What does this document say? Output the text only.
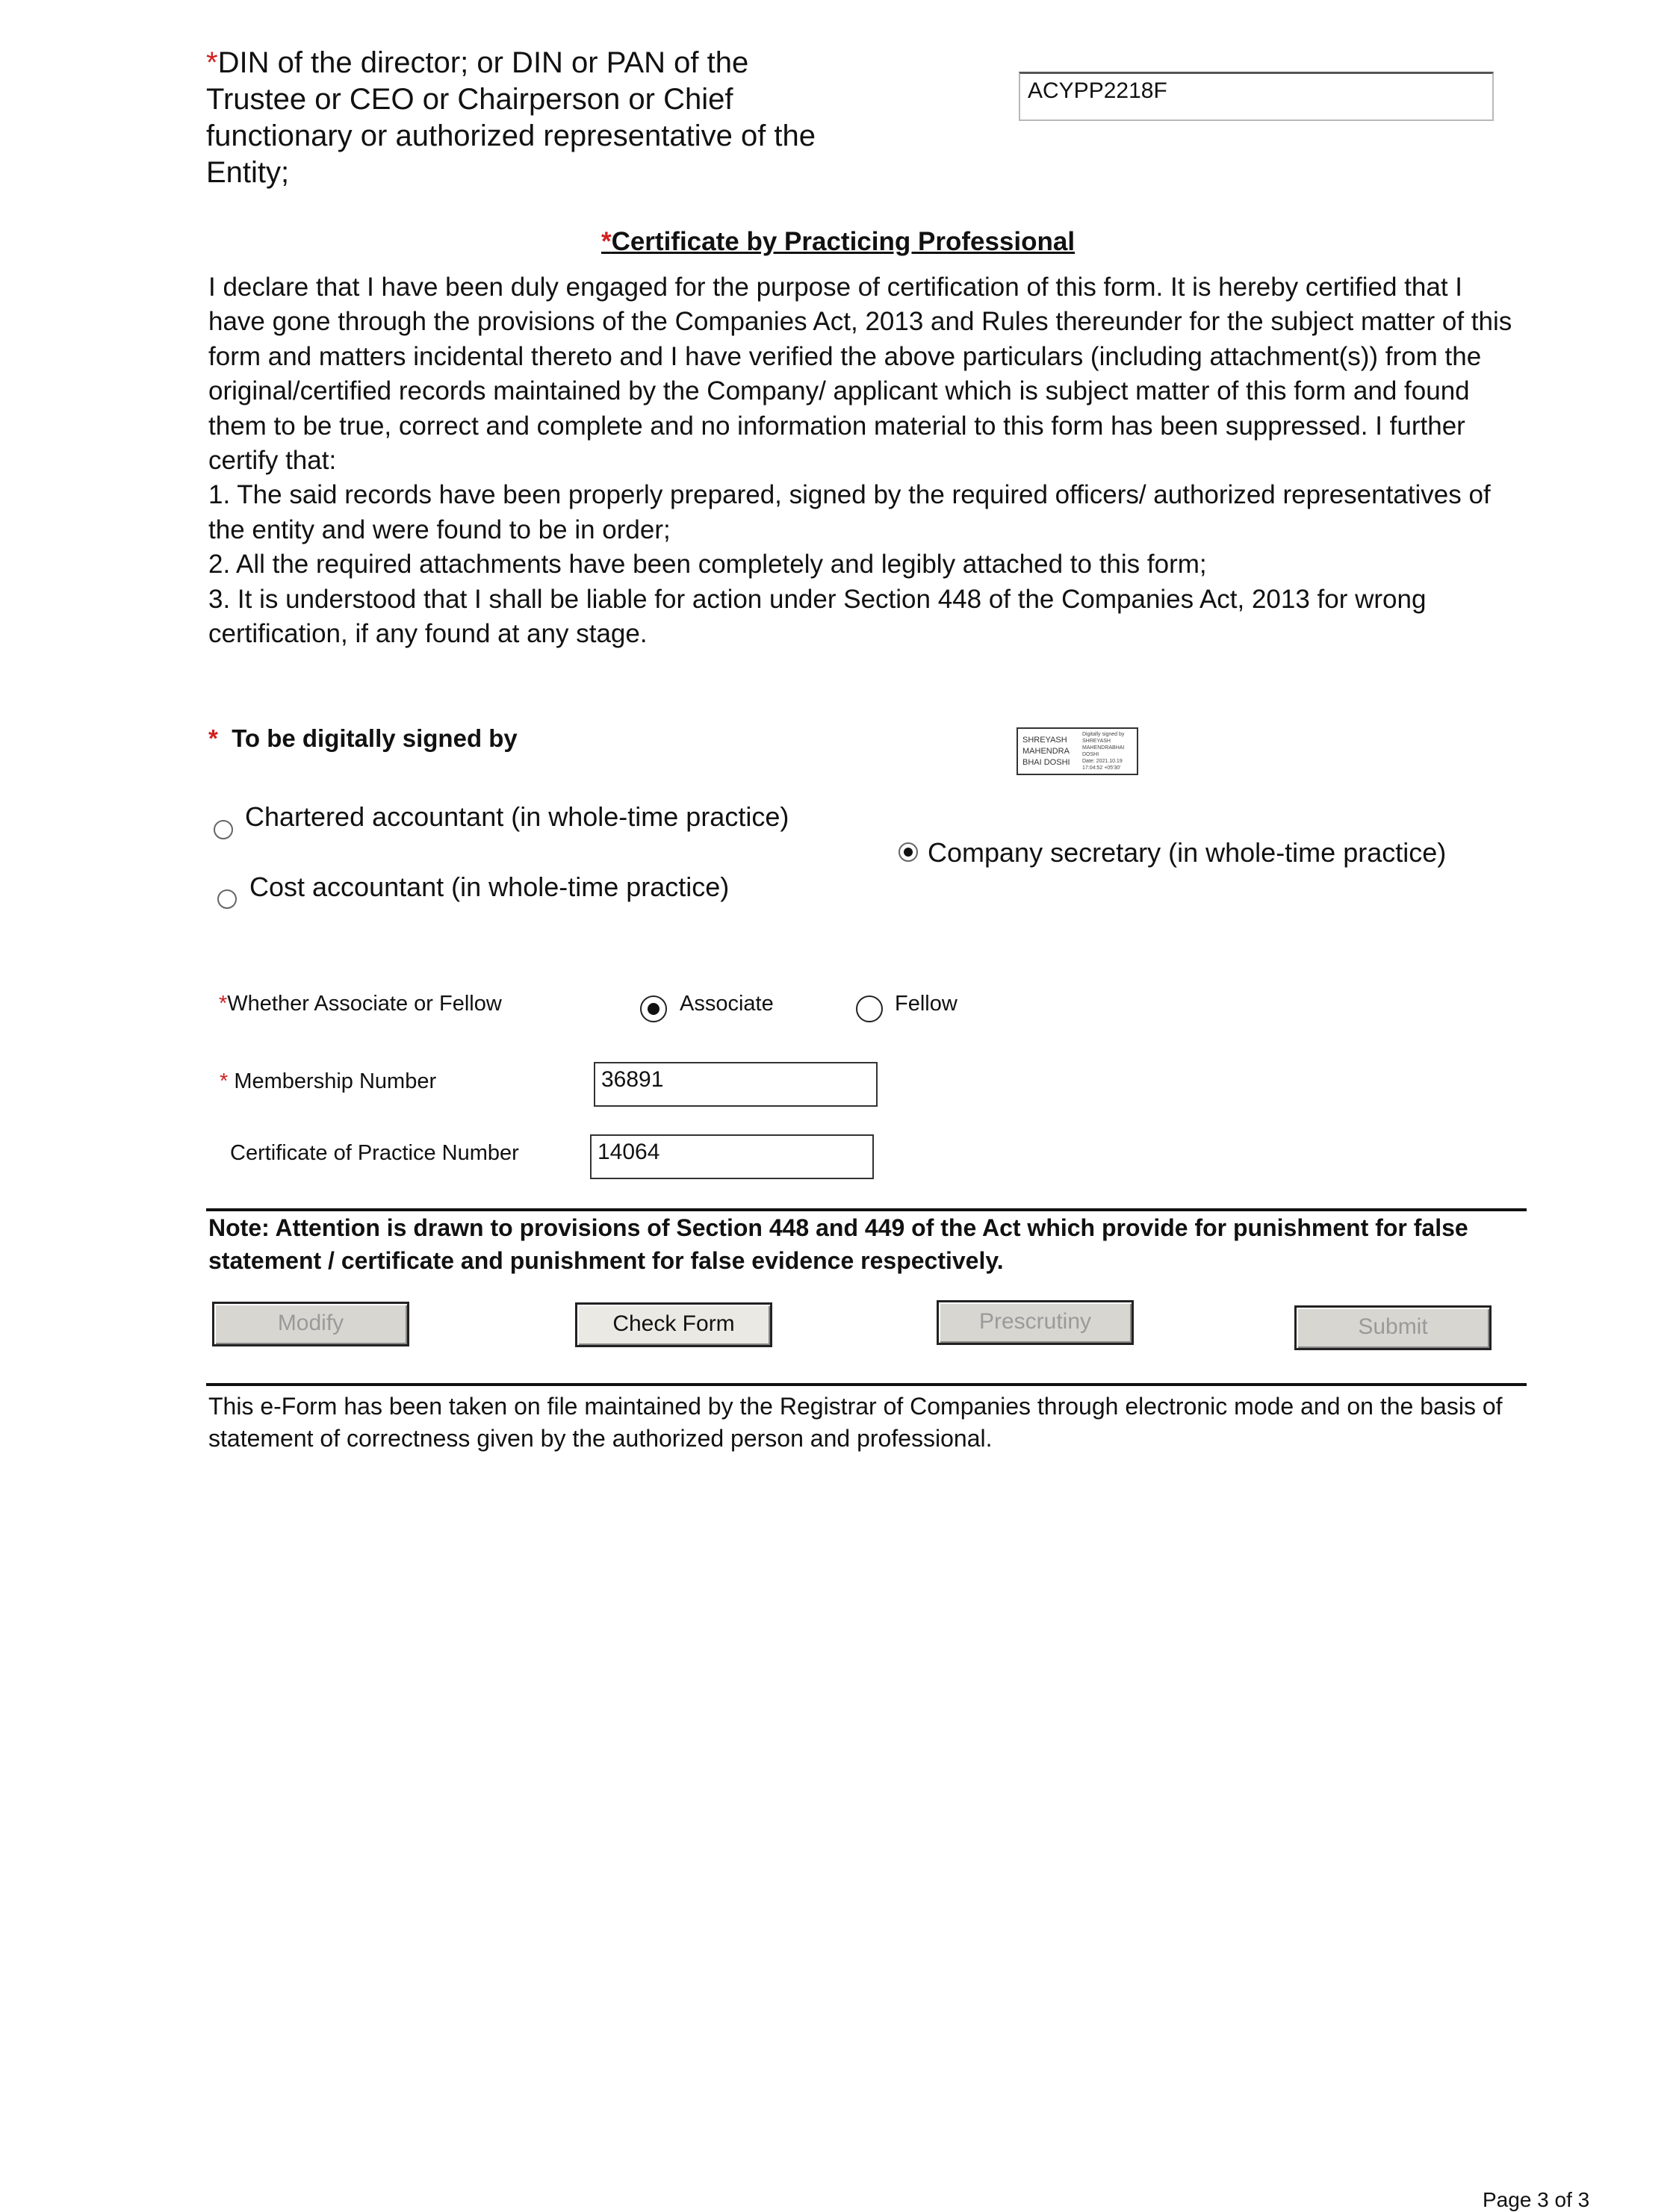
*DIN of the director; or DIN or PAN of the Trustee or CEO or Chairperson or Chief functionary or authorized representative of the Entity;
ACYPP2218F
*Certificate by Practicing Professional

I declare that I have been duly engaged for the purpose of certification of this form. It is hereby certified that I have gone through the provisions of the Companies Act, 2013 and Rules thereunder for the subject matter of this form and matters incidental thereto and I have verified the above particulars (including attachment(s)) from the original/certified records maintained by the Company/ applicant which is subject matter of this form and found them to be true, correct and complete and no information material to this form has been suppressed. I further certify that:

1. The said records have been properly prepared, signed by the required officers/ authorized representatives of the entity and were found to be in order;

2. All the required attachments have been completely and legibly attached to this form;

3. It is understood that I shall be liable for action under Section 448 of the Companies Act, 2013 for wrong certification, if any found at any stage.

* To be digitally signed by	SHREYASH
MAHENDRA
BHAI DOSHI
Digitally signed by
SHREYASH
MAHENDRABHAI
DOSHI
Date: 2021.10.19
17:04:52 +05'30'
Chartered accountant (in whole-time practice)
Cost accountant (in whole-time practice)
Company secretary (in whole-time practice)
*Whether Associate or Fellow	Associate	Fellow
* Membership Number	36891
Certificate of Practice Number	14064
Note: Attention is drawn to provisions of Section 448 and 449 of the Act which provide for punishment for false statement / certificate and punishment for false evidence respectively.
Modify	Check Form	Prescrutiny	Submit
This e-Form has been taken on file maintained by the Registrar of Companies through electronic mode and on the basis of statement of correctness given by the authorized person and professional.
Page 3 of 3
